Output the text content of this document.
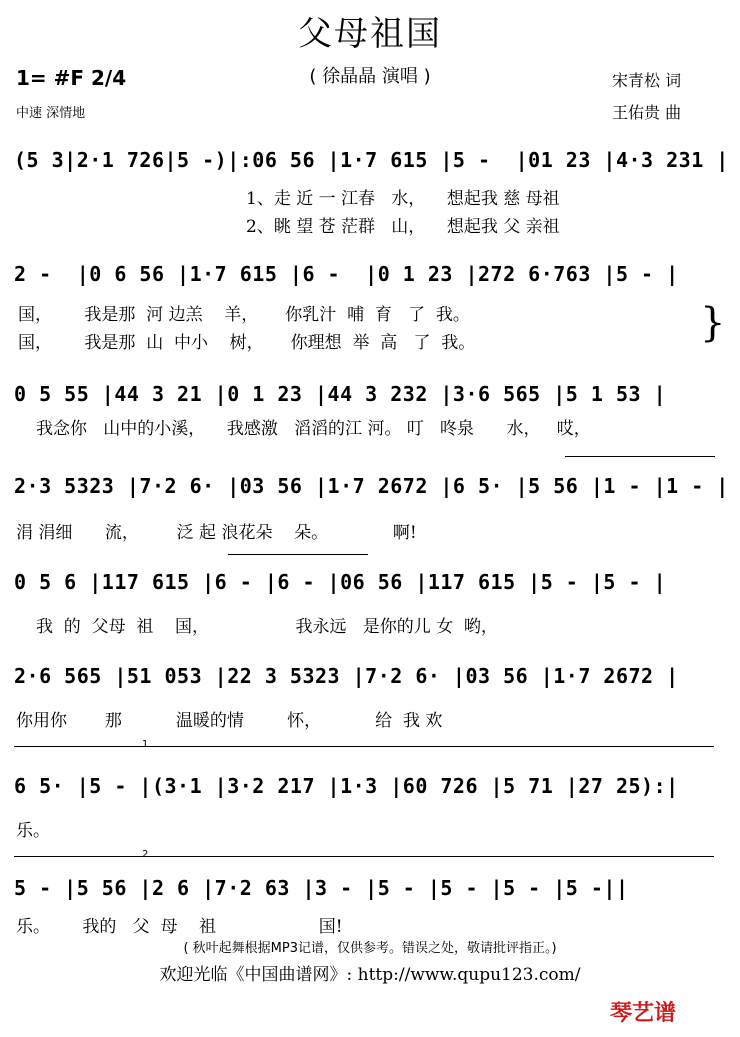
父母祖国
( 徐晶晶 演唱 )
1= #F 2/4
中速 深情地
宋青松 词
王佑贵 曲
(5 3|2·1 726|5 -)|:06 56 |1·7 615 |5 -  |01 23 |4·3 231 |
1、走 近 一 江春   水，    想起我 慈 母祖
2、眺 望 苍 茫群   山，    想起我 父 亲祖
2 -  |0 6 56 |1·7 615 |6 -  |0 1 23 |272 6·763 |5 - |
国，      我是那  河 边羔    羊，     你乳汁  哺  育   了  我。
国，      我是那  山  中小    树，     你理想  举  高   了  我。	}
0 5 55 |44 3 21 |0 1 23 |44 3 232 |3·6 565 |5 1 53 |
我念你   山中的小溪，    我感激   滔滔的江 河。 叮   咚泉      水，   哎，
2·3 5323 |7·2 6· |03 56 |1·7 2672 |6 5· |5 56 |1 - |1 - |
涓 涓细      流，       泛 起 浪花朵    朵。            啊!
0 5 6 |117 615 |6 - |6 - |06 56 |117 615 |5 - |5 - |
我  的  父母  祖    国，                我永远   是你的儿 女  哟，
2·6 565 |51 053 |22 3 5323 |7·2 6· |03 56 |1·7 2672 |
你用你       那          温暖的情        怀，          给  我 欢
1
6 5· |5 - |(3·1 |3·2 217 |1·3 |60 726 |5 71 |27 25):|
乐。
2
5 - |5 56 |2 6 |7·2 63 |3 - |5 - |5 - |5 - |5 -||
乐。      我的   父  母    祖                   国!
( 秋叶起舞根据MP3记谱，仅供参考。错误之处，敬请批评指正。)
欢迎光临《中国曲谱网》: http://www.qupu123.com/
琴艺谱
